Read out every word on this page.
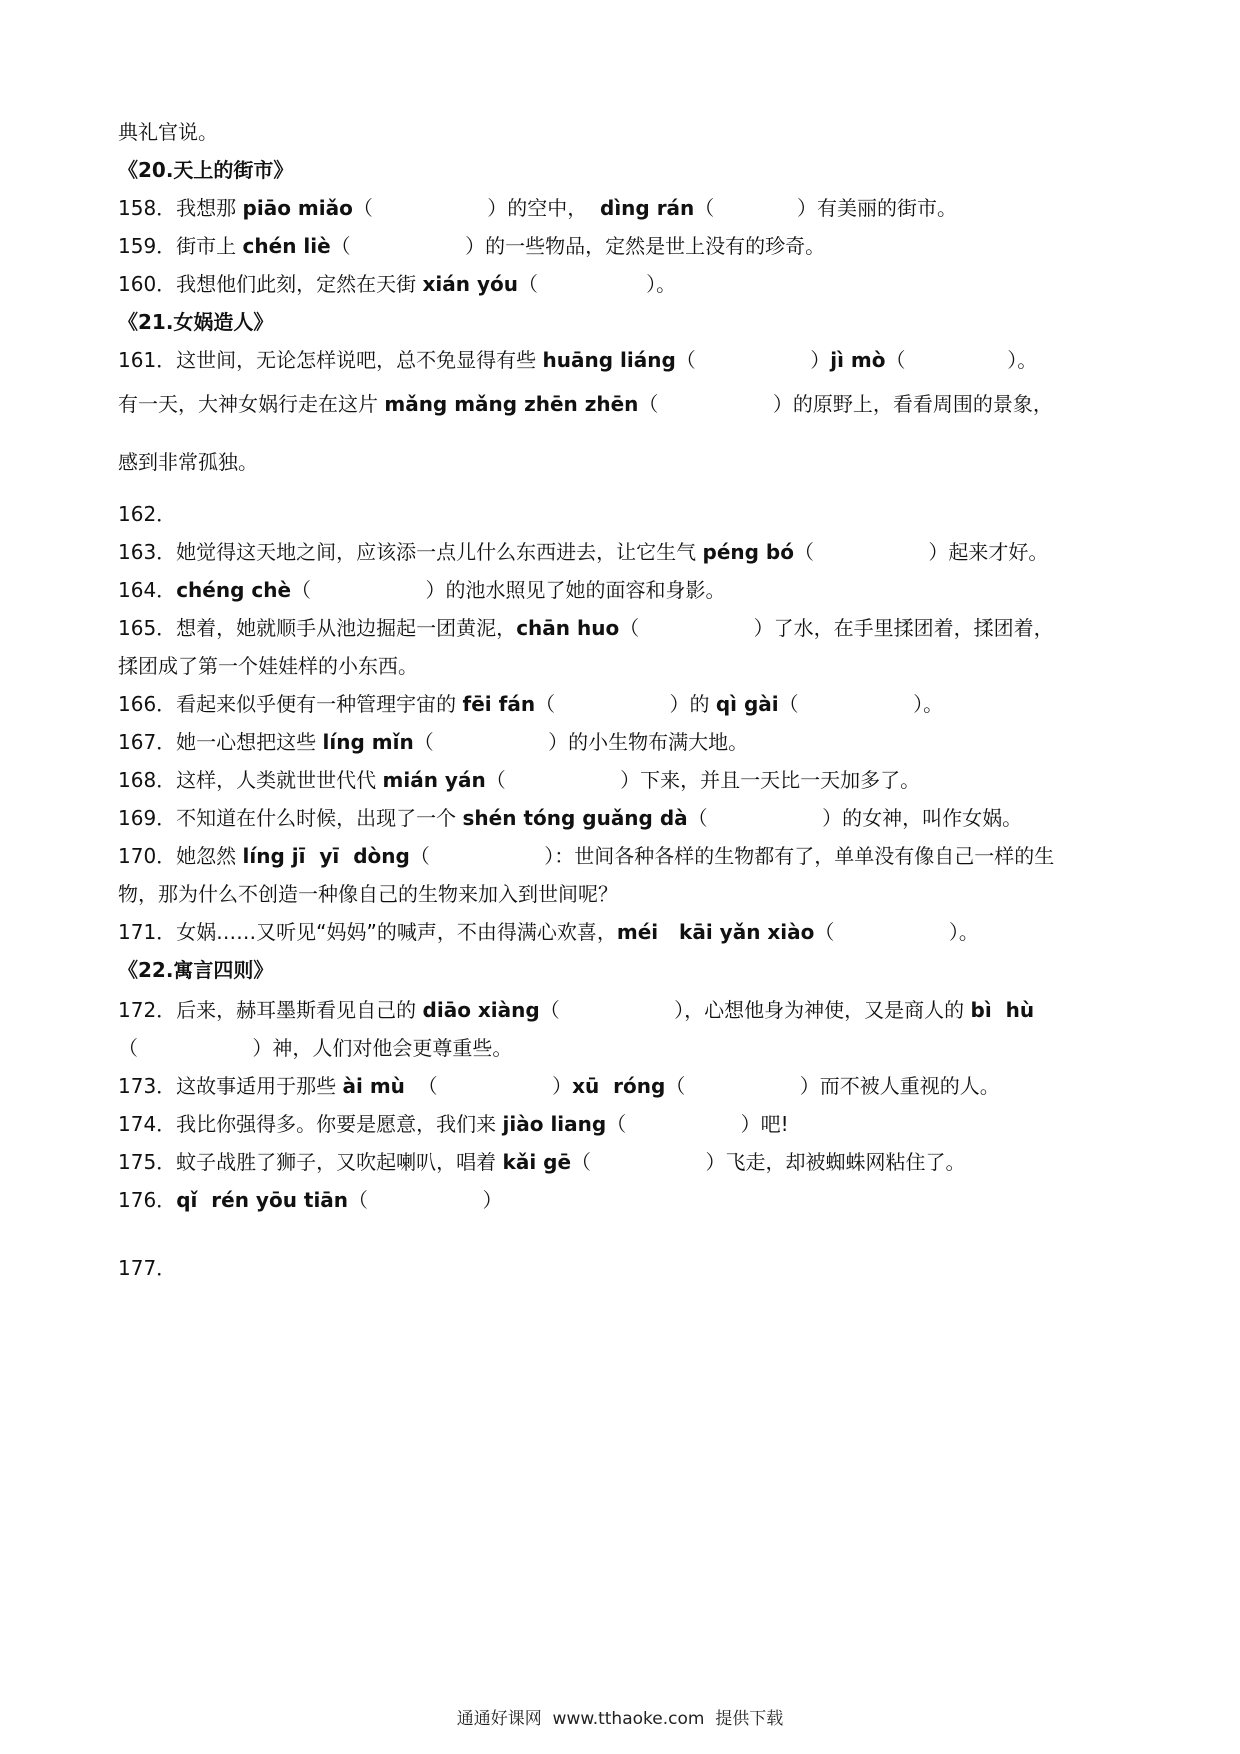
典礼官说。
《20.天上的街市》
158．我想那 piāo miǎo（                  ）的空中，  dìng rán（             ）有美丽的街市。
159．街市上 chén liè（                  ）的一些物品，定然是世上没有的珍奇。
160．我想他们此刻，定然在天街 xián yóu（                 ）。
《21.女娲造人》
161．这世间，无论怎样说吧，总不免显得有些 huāng liáng（                  ）jì mò（                ）。
有一天，大神女娲行走在这片 mǎng mǎng zhēn zhēn（                  ）的原野上，看看周围的景象，
感到非常孤独。
162．
163．她觉得这天地之间，应该添一点儿什么东西进去，让它生气 péng bó（                  ）起来才好。
164．chéng chè（                  ）的池水照见了她的面容和身影。
165．想着，她就顺手从池边掘起一团黄泥，chān huo（                  ）了水，在手里揉团着，揉团着，
揉团成了第一个娃娃样的小东西。
166．看起来似乎便有一种管理宇宙的 fēi fán（                  ）的 qì gài（                  ）。
167．她一心想把这些 líng mǐn（                  ）的小生物布满大地。
168．这样，人类就世世代代 mián yán（                  ）下来，并且一天比一天加多了。
169．不知道在什么时候，出现了一个 shén tóng guǎng dà（                  ）的女神，叫作女娲。
170．她忽然 líng jī  yī  dòng（                  ）：世间各种各样的生物都有了，单单没有像自己一样的生
物，那为什么不创造一种像自己的生物来加入到世间呢？
171．女娲……又听见“妈妈”的喊声，不由得满心欢喜，méi   kāi yǎn xiào（                  ）。
《22.寓言四则》
172．后来，赫耳墨斯看见自己的 diāo xiàng（                  ），心想他身为神使，又是商人的 bì  hù
（                  ）神，人们对他会更尊重些。
173．这故事适用于那些 ài mù  （                  ）xū  róng（                  ）而不被人重视的人。
174．我比你强得多。你要是愿意，我们来 jiào liang（                  ）吧!
175．蚊子战胜了狮子，又吹起喇叭，唱着 kǎi gē（                  ）飞走，却被蜘蛛网粘住了。
176．qǐ  rén yōu tiān（                  ）
177．
通通好课网  www.tthaoke.com  提供下载
